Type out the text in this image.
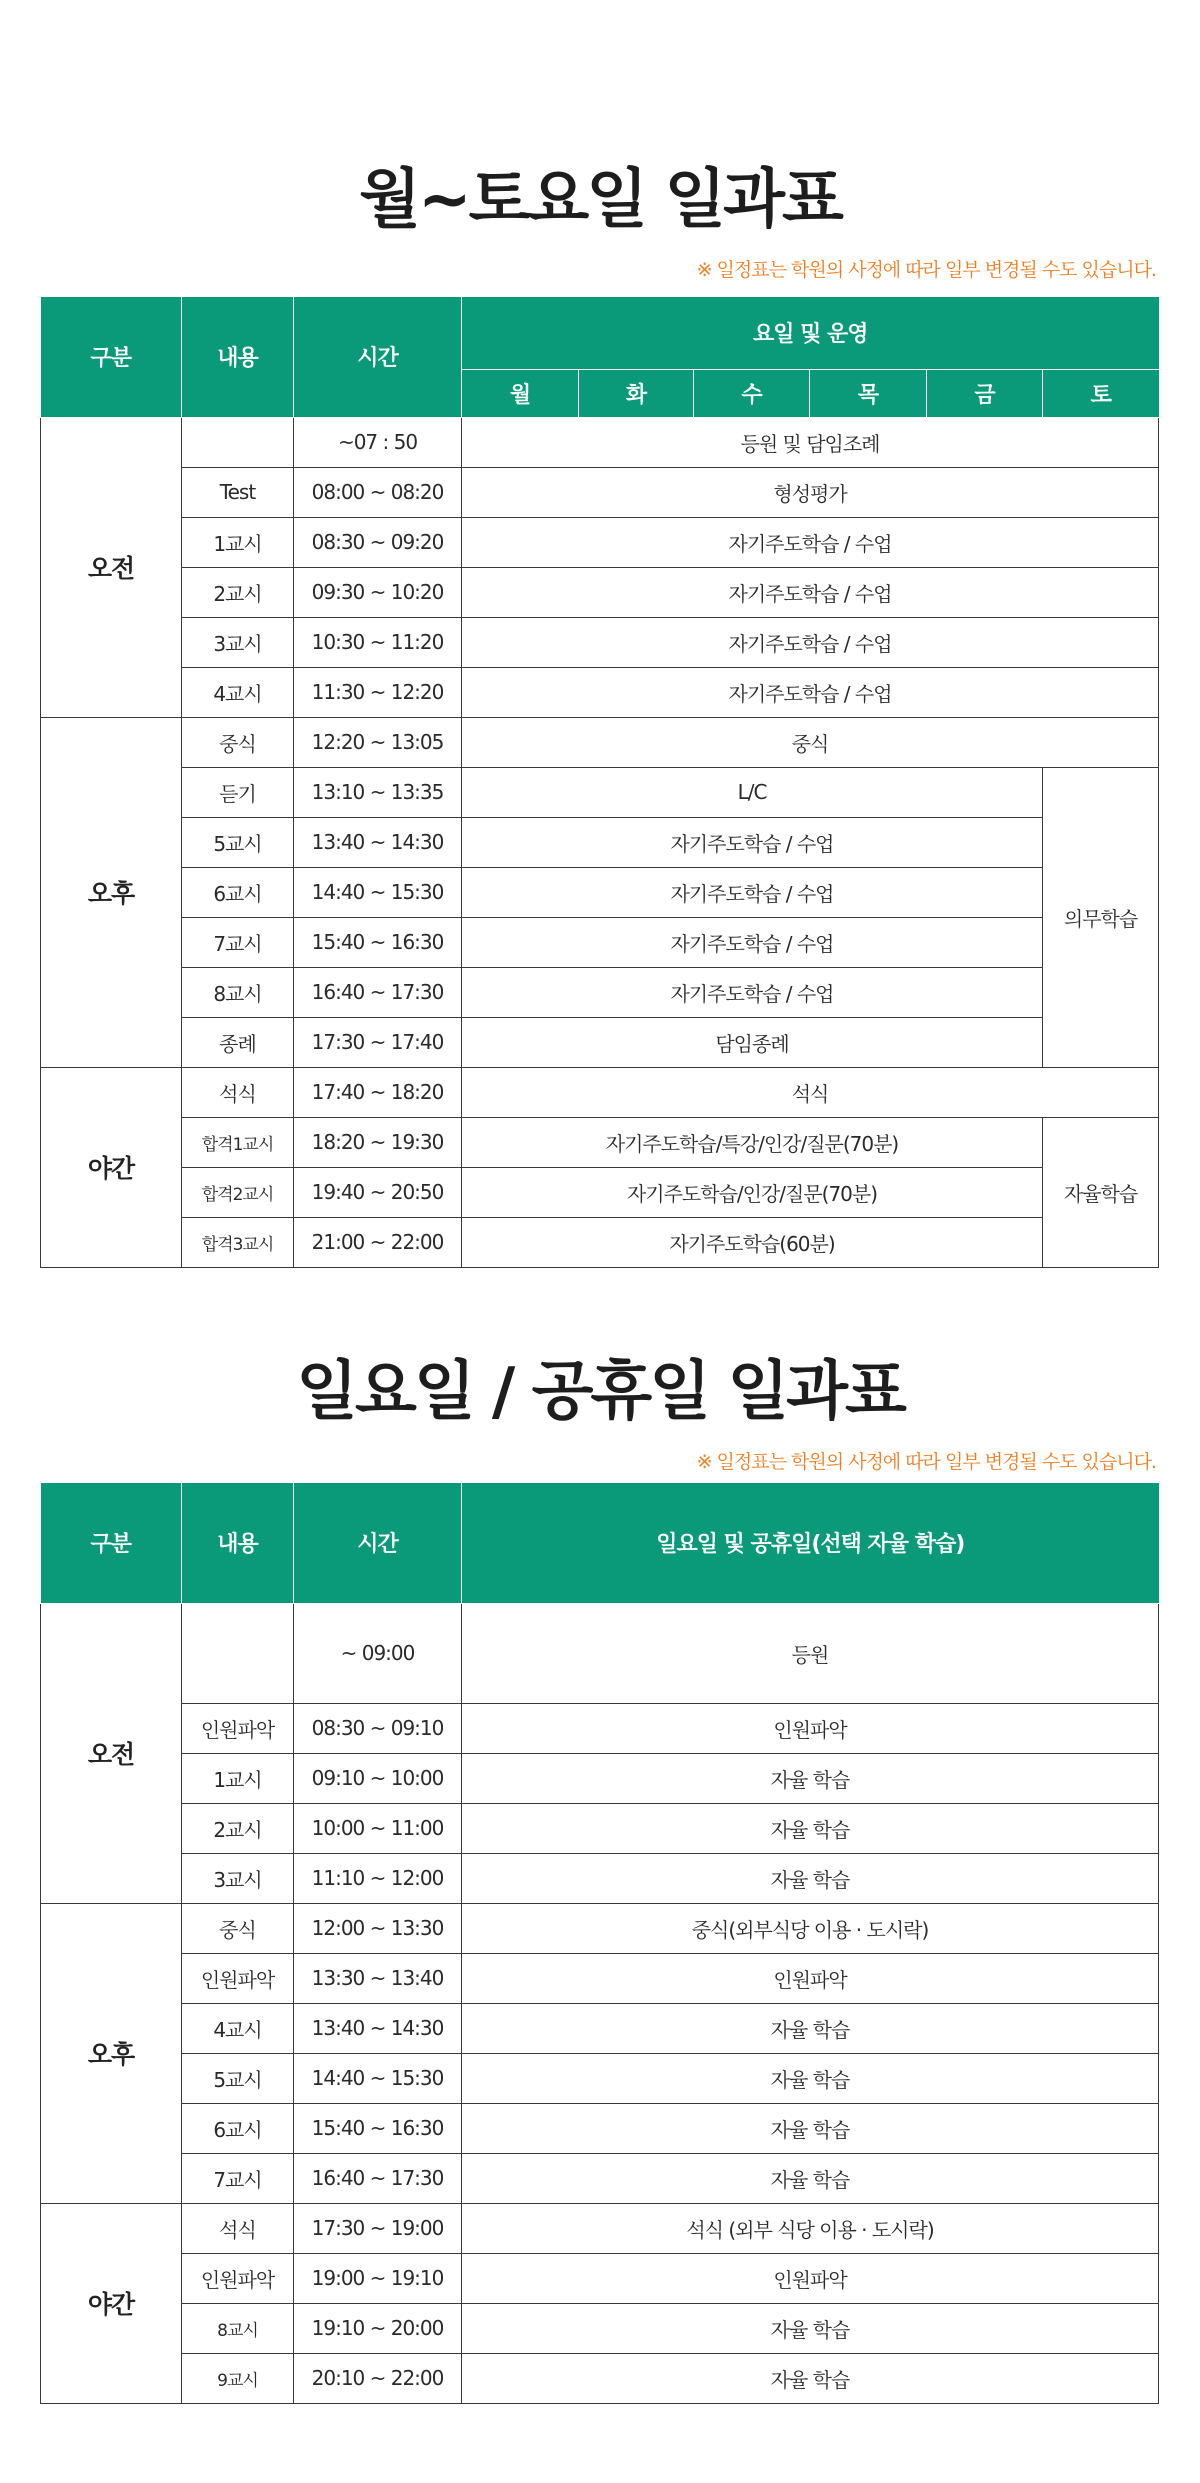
월~토요일 일과표
※ 일정표는 학원의 사정에 따라 일부 변경될 수도 있습니다.
구분	내용	시간	요일 및 운영					
			월	화	수	목	금	토
오전		~07 : 50	등원 및 담임조례					
	Test	08:00 ~ 08:20	형성평가					
	1교시	08:30 ~ 09:20	자기주도학습 / 수업					
	2교시	09:30 ~ 10:20	자기주도학습 / 수업					
	3교시	10:30 ~ 11:20	자기주도학습 / 수업					
	4교시	11:30 ~ 12:20	자기주도학습 / 수업					
오후	중식	12:20 ~ 13:05	중식					
	듣기	13:10 ~ 13:35	L/C					의무학습
	5교시	13:40 ~ 14:30	자기주도학습 / 수업					
	6교시	14:40 ~ 15:30	자기주도학습 / 수업					
	7교시	15:40 ~ 16:30	자기주도학습 / 수업					
	8교시	16:40 ~ 17:30	자기주도학습 / 수업					
	종례	17:30 ~ 17:40	담임종례					
야간	석식	17:40 ~ 18:20	석식					
	합격1교시	18:20 ~ 19:30	자기주도학습/특강/인강/질문(70분)					자율학습
	합격2교시	19:40 ~ 20:50	자기주도학습/인강/질문(70분)					
	합격3교시	21:00 ~ 22:00	자기주도학습(60분)					
일요일 / 공휴일 일과표
※ 일정표는 학원의 사정에 따라 일부 변경될 수도 있습니다.
구분	내용	시간	일요일 및 공휴일(선택 자율 학습)
오전		~ 09:00	등원
	인원파악	08:30 ~ 09:10	인원파악
	1교시	09:10 ~ 10:00	자율 학습
	2교시	10:00 ~ 11:00	자율 학습
	3교시	11:10 ~ 12:00	자율 학습
오후	중식	12:00 ~ 13:30	중식(외부식당 이용 · 도시락)
	인원파악	13:30 ~ 13:40	인원파악
	4교시	13:40 ~ 14:30	자율 학습
	5교시	14:40 ~ 15:30	자율 학습
	6교시	15:40 ~ 16:30	자율 학습
	7교시	16:40 ~ 17:30	자율 학습
야간	석식	17:30 ~ 19:00	석식 (외부 식당 이용 · 도시락)
	인원파악	19:00 ~ 19:10	인원파악
	8교시	19:10 ~ 20:00	자율 학습
	9교시	20:10 ~ 22:00	자율 학습
